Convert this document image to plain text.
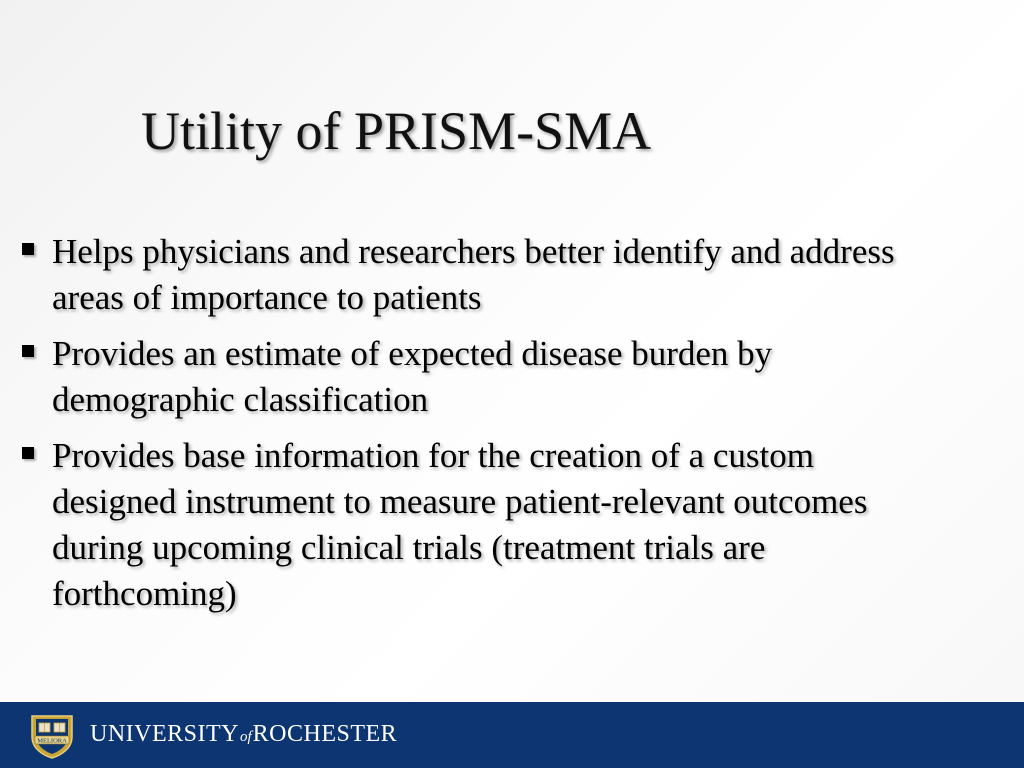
Utility of PRISM-SMA
Helps physicians and researchers better identify and address areas of importance to patients
Provides an estimate of expected disease burden by demographic classification
Provides base information for the creation of a custom designed instrument to measure patient-relevant outcomes during upcoming clinical trials (treatment trials are forthcoming)
MELIORA UNIVERSITYofROCHESTER
